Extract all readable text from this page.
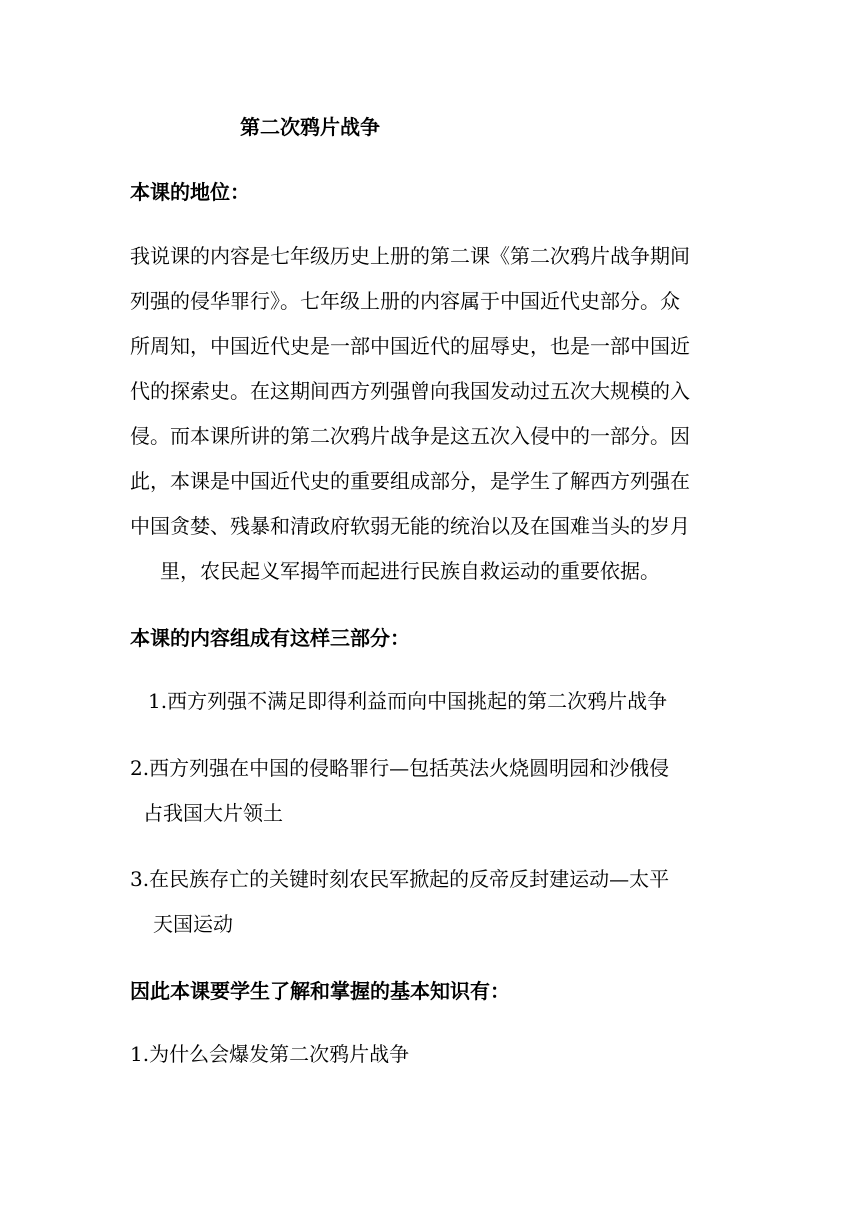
第二次鸦片战争
本课的地位：
我说课的内容是七年级历史上册的第二课《第二次鸦片战争期间
列强的侵华罪行》。七年级上册的内容属于中国近代史部分。众
所周知，中国近代史是一部中国近代的屈辱史，也是一部中国近
代的探索史。在这期间西方列强曾向我国发动过五次大规模的入
侵。而本课所讲的第二次鸦片战争是这五次入侵中的一部分。因
此，本课是中国近代史的重要组成部分，是学生了解西方列强在
中国贪婪、残暴和清政府软弱无能的统治以及在国难当头的岁月
里，农民起义军揭竿而起进行民族自救运动的重要依据。
本课的内容组成有这样三部分：
1.西方列强不满足即得利益而向中国挑起的第二次鸦片战争
2.西方列强在中国的侵略罪行—包括英法火烧圆明园和沙俄侵
占我国大片领土
3.在民族存亡的关键时刻农民军掀起的反帝反封建运动—太平
天国运动
因此本课要学生了解和掌握的基本知识有：
1.为什么会爆发第二次鸦片战争
